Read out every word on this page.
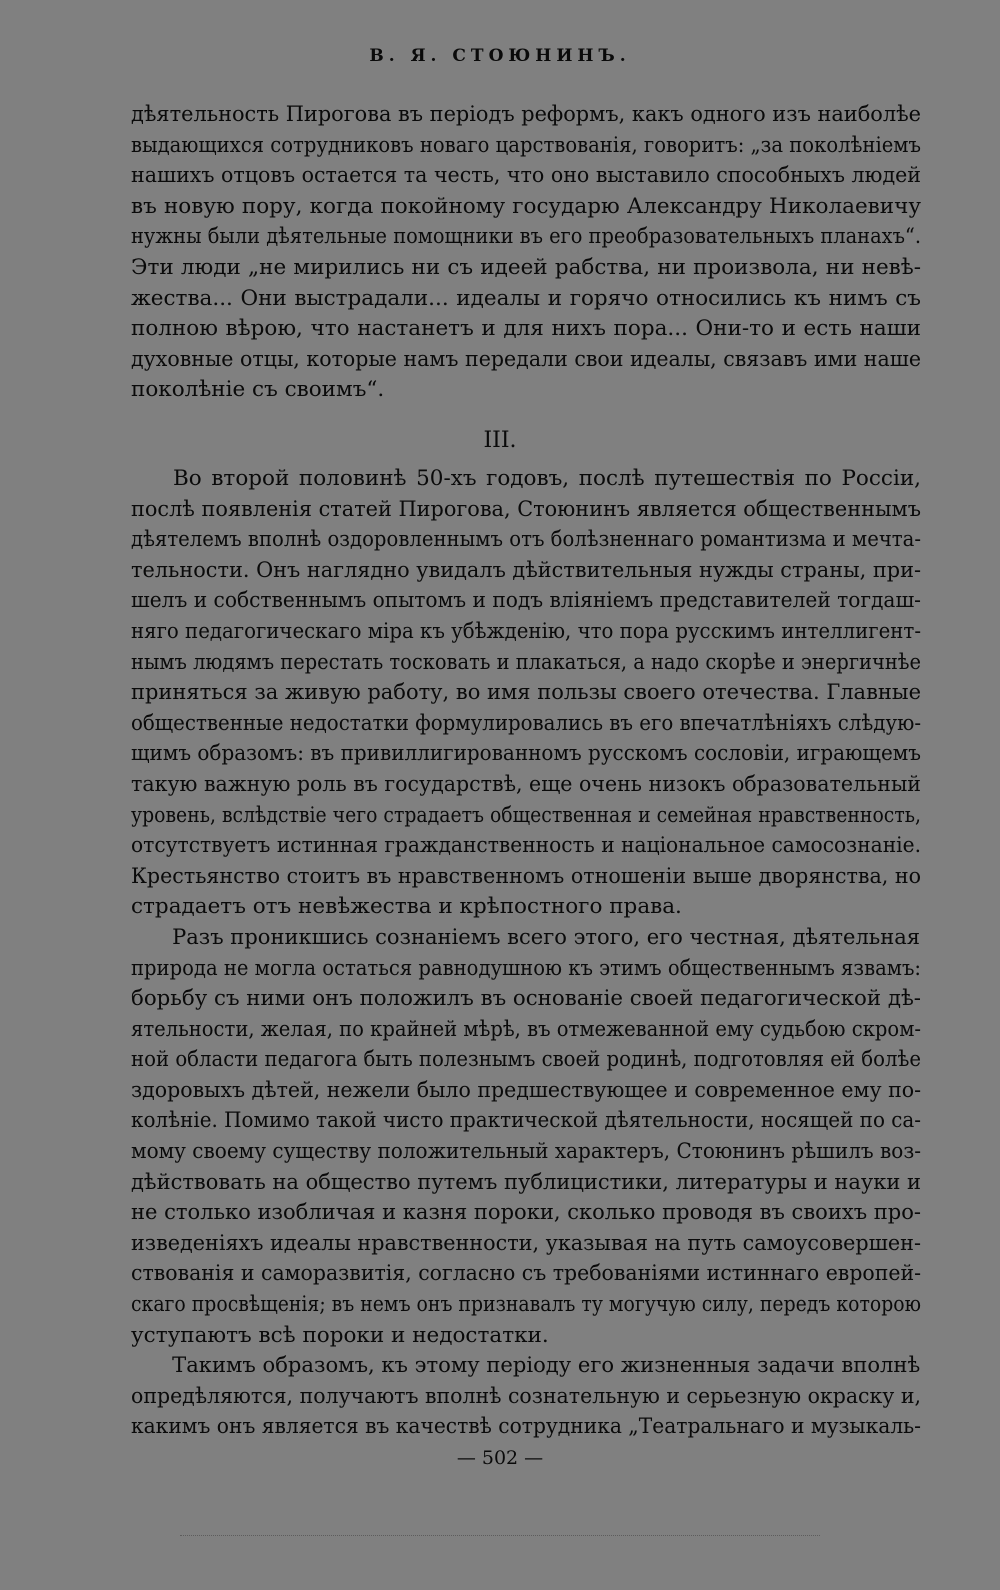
В. Я. СТОЮНИНЪ.

дѣятельность Пирогова въ періодъ реформъ, какъ одного изъ наиболѣе
выдающихся сотрудниковъ новаго царствованія, говоритъ: „за поколѣніемъ
нашихъ отцовъ остается та честь, что оно выставило способныхъ людей
въ новую пору, когда покойному государю Александру Николаевичу
нужны были дѣятельные помощники въ его преобразовательныхъ планахъ“.
Эти люди „не мирились ни съ идеей рабства, ни произвола, ни невѣ-
жества... Они выстрадали... идеалы и горячо относились къ нимъ съ
полною вѣрою, что настанетъ и для нихъ пора... Они-то и есть наши
духовные отцы, которые намъ передали свои идеалы, связавъ ими наше
поколѣніе съ своимъ“.

III.

Во второй половинѣ 50-хъ годовъ, послѣ путешествія по Россіи,
послѣ появленія статей Пирогова, Стоюнинъ является общественнымъ
дѣятелемъ вполнѣ оздоровленнымъ отъ болѣзненнаго романтизма и мечта-
тельности. Онъ наглядно увидалъ дѣйствительныя нужды страны, при-
шелъ и собственнымъ опытомъ и подъ вліяніемъ представителей тогдаш-
няго педагогическаго міра къ убѣжденію, что пора русскимъ интеллигент-
нымъ людямъ перестать тосковать и плакаться, а надо скорѣе и энергичнѣе
приняться за живую работу, во имя пользы своего отечества. Главные
общественные недостатки формулировались въ его впечатлѣніяхъ слѣдую-
щимъ образомъ: въ привиллигированномъ русскомъ сословіи, играющемъ
такую важную роль въ государствѣ, еще очень низокъ образовательный
уровень, вслѣдствіе чего страдаетъ общественная и семейная нравственность,
отсутствуетъ истинная гражданственность и національное самосознаніе.
Крестьянство стоитъ въ нравственномъ отношеніи выше дворянства, но
страдаетъ отъ невѣжества и крѣпостного права.

Разъ проникшись сознаніемъ всего этого, его честная, дѣятельная
природа не могла остаться равнодушною къ этимъ общественнымъ язвамъ:
борьбу съ ними онъ положилъ въ основаніе своей педагогической дѣ-
ятельности, желая, по крайней мѣрѣ, въ отмежеванной ему судьбою скром-
ной области педагога быть полезнымъ своей родинѣ, подготовляя ей болѣе
здоровыхъ дѣтей, нежели было предшествующее и современное ему по-
колѣніе. Помимо такой чисто практической дѣятельности, носящей по са-
мому своему существу положительный характеръ, Стоюнинъ рѣшилъ воз-
дѣйствовать на общество путемъ публицистики, литературы и науки и
не столько изобличая и казня пороки, сколько проводя въ своихъ про-
изведеніяхъ идеалы нравственности, указывая на путь самоусовершен-
ствованія и саморазвитія, согласно съ требованіями истиннаго европей-
скаго просвѣщенія; въ немъ онъ признавалъ ту могучую силу, передъ которою
уступаютъ всѣ пороки и недостатки.

Такимъ образомъ, къ этому періоду его жизненныя задачи вполнѣ
опредѣляются, получаютъ вполнѣ сознательную и серьезную окраску и,
какимъ онъ является въ качествѣ сотрудника „Театральнаго и музыкаль-

— 502 —
